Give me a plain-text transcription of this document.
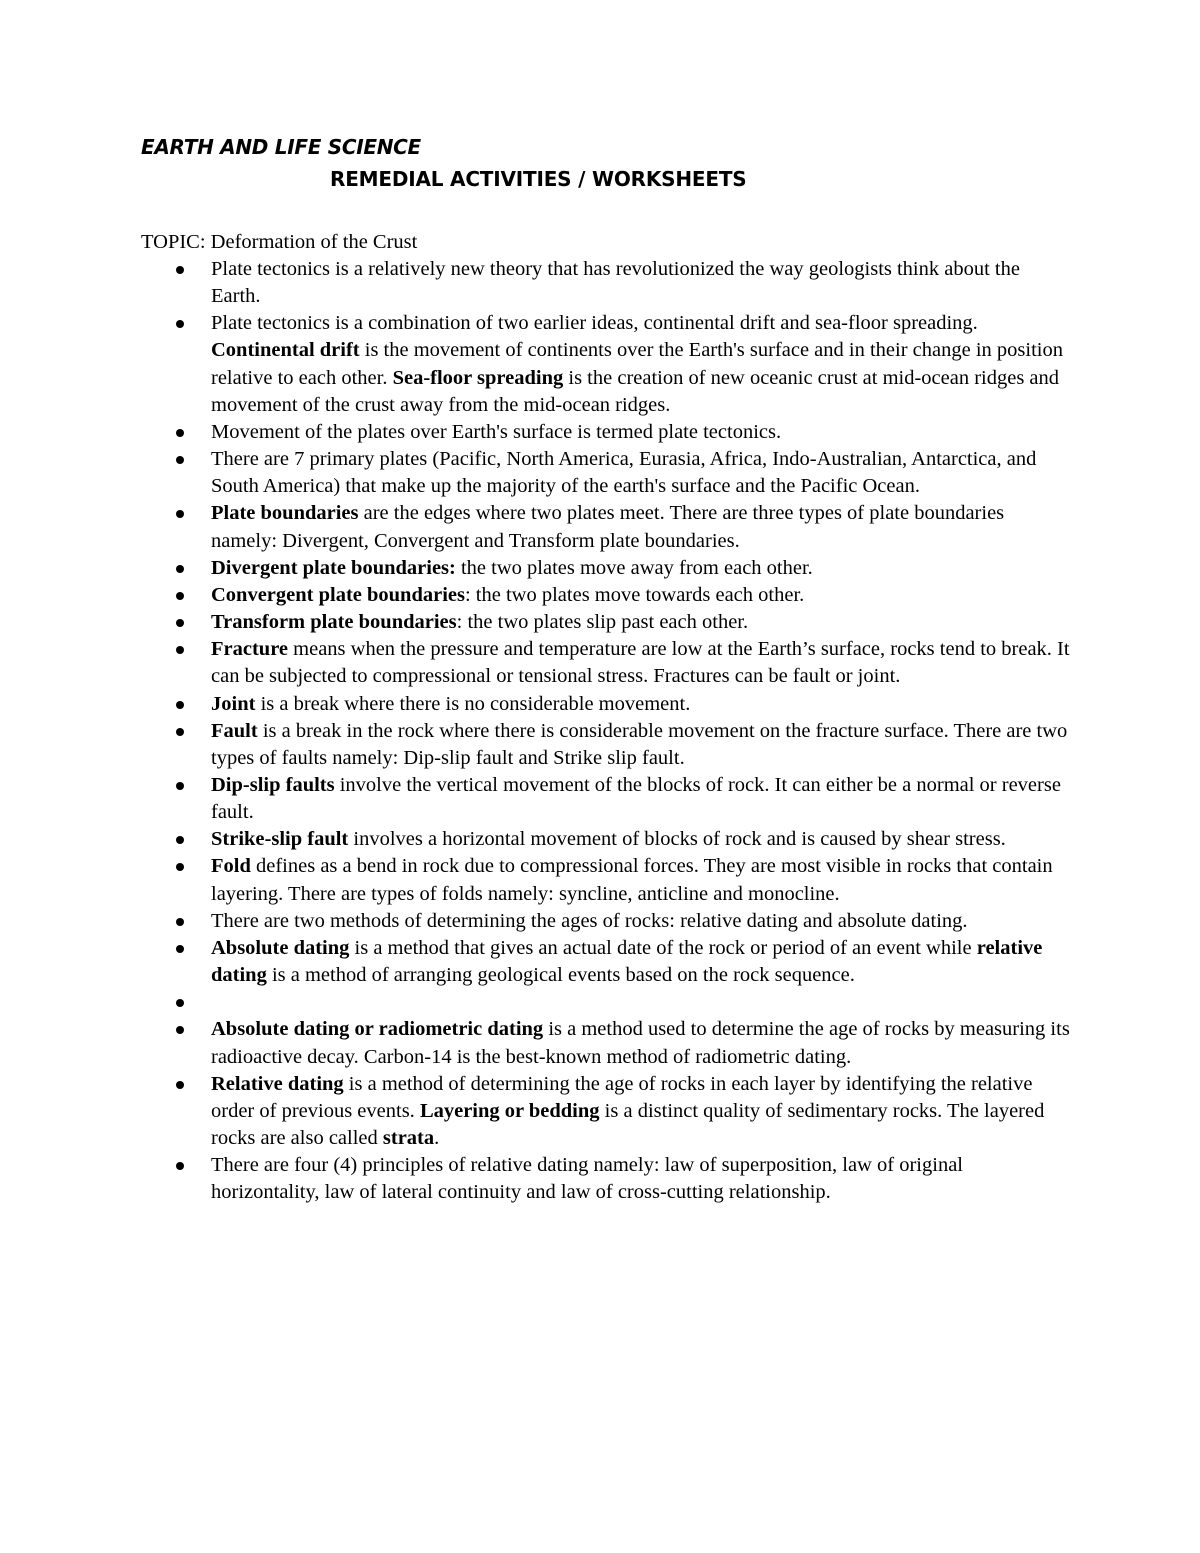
EARTH AND LIFE SCIENCE
REMEDIAL ACTIVITIES / WORKSHEETS

TOPIC: Deformation of the Crust

Plate tectonics is a relatively new theory that has revolutionized the way geologists think about the Earth.
Plate tectonics is a combination of two earlier ideas, continental drift and sea-floor spreading. Continental drift is the movement of continents over the Earth's surface and in their change in position relative to each other. Sea-floor spreading is the creation of new oceanic crust at mid-ocean ridges and movement of the crust away from the mid-ocean ridges.
Movement of the plates over Earth's surface is termed plate tectonics.
There are 7 primary plates (Pacific, North America, Eurasia, Africa, Indo-Australian, Antarctica, and South America) that make up the majority of the earth's surface and the Pacific Ocean.
Plate boundaries are the edges where two plates meet. There are three types of plate boundaries namely: Divergent, Convergent and Transform plate boundaries.
Divergent plate boundaries: the two plates move away from each other.
Convergent plate boundaries: the two plates move towards each other.
Transform plate boundaries: the two plates slip past each other.
Fracture means when the pressure and temperature are low at the Earth’s surface, rocks tend to break. It can be subjected to compressional or tensional stress. Fractures can be fault or joint.
Joint is a break where there is no considerable movement.
Fault is a break in the rock where there is considerable movement on the fracture surface. There are two types of faults namely: Dip-slip fault and Strike slip fault.
Dip-slip faults involve the vertical movement of the blocks of rock. It can either be a normal or reverse fault.
Strike-slip fault involves a horizontal movement of blocks of rock and is caused by shear stress.
Fold defines as a bend in rock due to compressional forces. They are most visible in rocks that contain layering. There are types of folds namely: syncline, anticline and monocline.
There are two methods of determining the ages of rocks: relative dating and absolute dating.
Absolute dating is a method that gives an actual date of the rock or period of an event while relative dating is a method of arranging geological events based on the rock sequence.
Absolute dating or radiometric dating is a method used to determine the age of rocks by measuring its radioactive decay. Carbon-14 is the best-known method of radiometric dating.
Relative dating is a method of determining the age of rocks in each layer by identifying the relative order of previous events. Layering or bedding is a distinct quality of sedimentary rocks. The layered rocks are also called strata.
There are four (4) principles of relative dating namely: law of superposition, law of original horizontality, law of lateral continuity and law of cross-cutting relationship.
